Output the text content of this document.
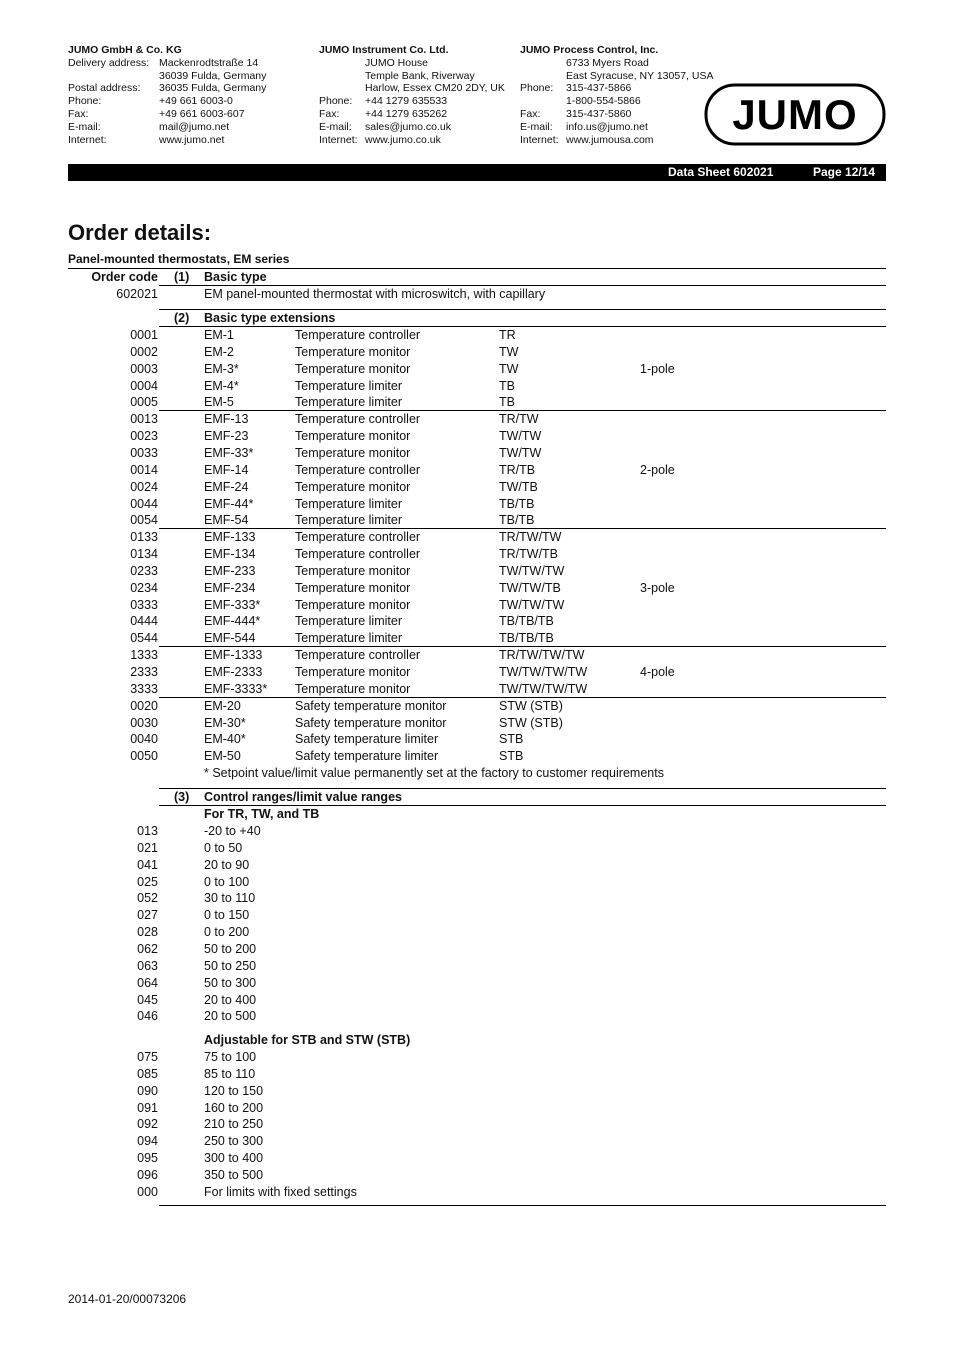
JUMO GmbH & Co. KG
Delivery address: Mackenrodtstraße 14
36039 Fulda, Germany
Postal address:	36035 Fulda, Germany
Phone:	+49 661 6003-0
Fax:	+49 661 6003-607
E-mail:	mail@jumo.net
Internet:	www.jumo.net
JUMO Instrument Co. Ltd.
JUMO House
Temple Bank, Riverway
Harlow, Essex CM20 2DY, UK
Phone:	+44 1279 635533
Fax:	+44 1279 635262
E-mail:	sales@jumo.co.uk
Internet: www.jumo.co.uk
JUMO Process Control, Inc.
6733 Myers Road
East Syracuse, NY 13057, USA
Phone:	315-437-5866
1-800-554-5866
Fax:	315-437-5860
E-mail:	info.us@jumo.net
Internet: www.jumousa.com
JUMO
Data Sheet 602021	Page 12/14
Order details:
Panel-mounted thermostats, EM series
Order code (1) Basic type
602021	EM panel-mounted thermostat with microswitch, with capillary
(2) Basic type extensions
0001	EM-1	Temperature controller	TR
0002	EM-2	Temperature monitor	TW
0003	EM-3*	Temperature monitor	TW	1-pole
0004	EM-4*	Temperature limiter	TB
0005	EM-5	Temperature limiter	TB
0013	EMF-13	Temperature controller	TR/TW
0023	EMF-23	Temperature monitor	TW/TW
0033	EMF-33*	Temperature monitor	TW/TW
0014	EMF-14	Temperature controller	TR/TB	2-pole
0024	EMF-24	Temperature monitor	TW/TB
0044	EMF-44*	Temperature limiter	TB/TB
0054	EMF-54	Temperature limiter	TB/TB
0133	EMF-133	Temperature controller	TR/TW/TW
0134	EMF-134	Temperature controller	TR/TW/TB
0233	EMF-233	Temperature monitor	TW/TW/TW
0234	EMF-234	Temperature monitor	TW/TW/TB	3-pole
0333	EMF-333*	Temperature monitor	TW/TW/TW
0444	EMF-444*	Temperature limiter	TB/TB/TB
0544	EMF-544	Temperature limiter	TB/TB/TB
1333	EMF-1333	Temperature controller	TR/TW/TW/TW
2333	EMF-2333	Temperature monitor	TW/TW/TW/TW	4-pole
3333	EMF-3333* Temperature monitor	TW/TW/TW/TW
0020	EM-20	Safety temperature monitor	STW (STB)
0030	EM-30*	Safety temperature monitor	STW (STB)
0040	EM-40*	Safety temperature limiter	STB
0050	EM-50	Safety temperature limiter	STB
* Setpoint value/limit value permanently set at the factory to customer requirements
(3) Control ranges/limit value ranges
For TR, TW, and TB
013	-20 to +40
021	0 to 50
041	20 to 90
025	0 to 100
052	30 to 110
027	0 to 150
028	0 to 200
062	50 to 200
063	50 to 250
064	50 to 300
045	20 to 400
046	20 to 500
Adjustable for STB and STW (STB)
075	75 to 100
085	85 to 110
090	120 to 150
091	160 to 200
092	210 to 250
094	250 to 300
095	300 to 400
096	350 to 500
000	For limits with fixed settings
2014-01-20/00073206
